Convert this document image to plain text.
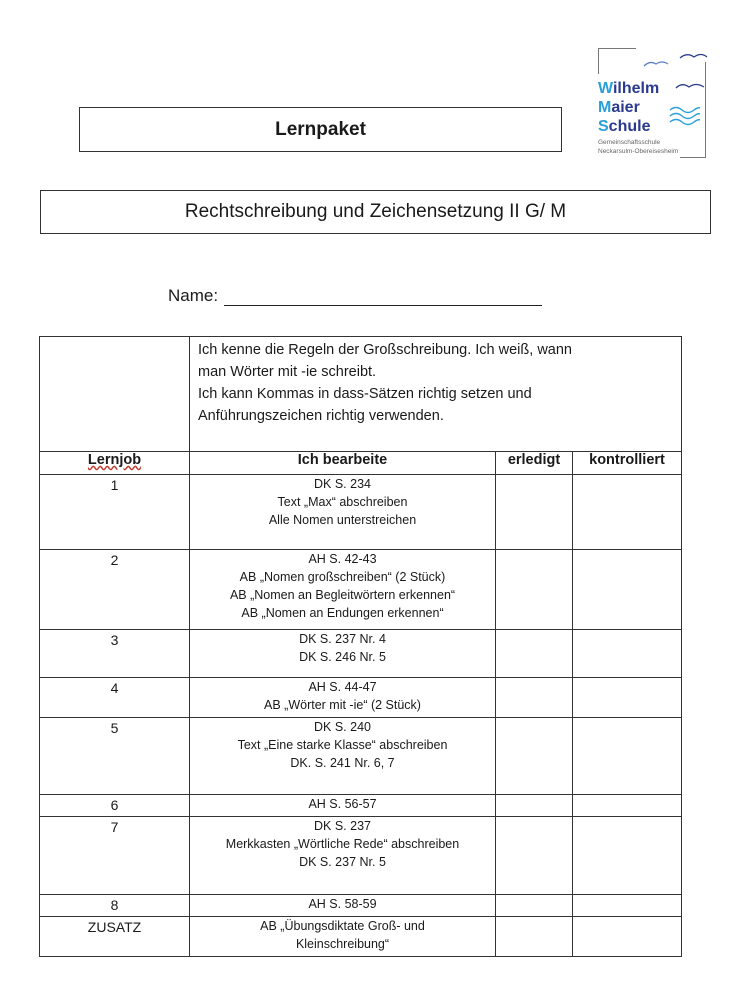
Wilhelm
Maier
Schule
Gemeinschaftsschule
Neckarsulm-Obereisesheim
Lernpaket
Rechtschreibung und Zeichensetzung II G/ M
Name:

	Ich kenne die Regeln der Großschreibung. Ich weiß, wann
man Wörter mit -ie schreibt.
Ich kann Kommas in dass-Sätzen richtig setzen und
Anführungszeichen richtig verwenden.		

Lernjob	Ich bearbeite	erledigt	kontrolliert
1	DK S. 234
Text „Max“ abschreiben
Alle Nomen unterstreichen		

2	AH S. 42-43
AB „Nomen großschreiben“ (2 Stück)
AB „Nomen an Begleitwörtern erkennen“
AB „Nomen an Endungen erkennen“		

3	DK S. 237 Nr. 4
DK S. 246 Nr. 5		

4	AH S. 44-47
AB „Wörter mit -ie“ (2 Stück)		

5	DK S. 240
Text „Eine starke Klasse“ abschreiben
DK. S. 241 Nr. 6, 7		

6	AH S. 56-57		

7	DK S. 237
Merkkasten „Wörtliche Rede“ abschreiben
DK S. 237 Nr. 5		

8	AH S. 58-59		

ZUSATZ	AB „Übungsdiktate Groß- und
Kleinschreibung“		
